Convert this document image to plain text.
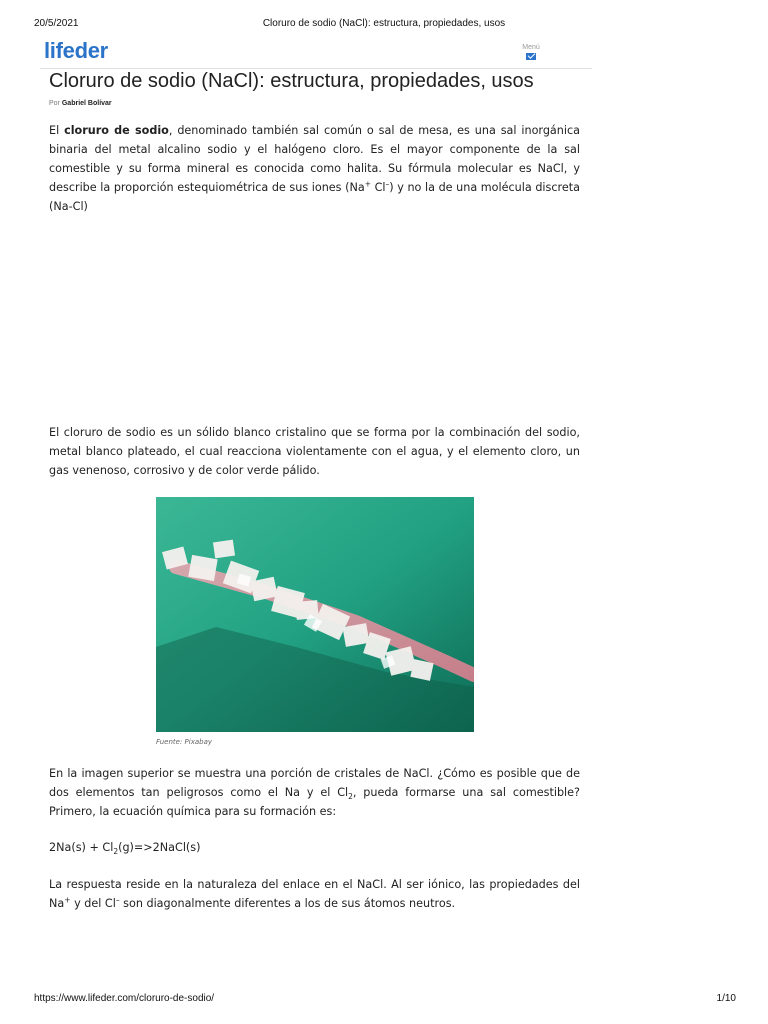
20/5/2021	Cloruro de sodio (NaCl): estructura, propiedades, usos
lifeder	Menú
Cloruro de sodio (NaCl): estructura, propiedades, usos
Por Gabriel Bolívar

El cloruro de sodio, denominado también sal común o sal de mesa, es una sal inorgánica binaria del metal alcalino sodio y el halógeno cloro. Es el mayor componente de la sal comestible y su forma mineral es conocida como halita. Su fórmula molecular es NaCl, y describe la proporción estequiométrica de sus iones (Na+ Cl–) y no la de una molécula discreta (Na-Cl)

El cloruro de sodio es un sólido blanco cristalino que se forma por la combinación del sodio, metal blanco plateado, el cual reacciona violentamente con el agua, y el elemento cloro, un gas venenoso, corrosivo y de color verde pálido.

Fuente: Pixabay

En la imagen superior se muestra una porción de cristales de NaCl. ¿Cómo es posible que de dos elementos tan peligrosos como el Na y el $Cl_2$, pueda formarse una sal comestible? Primero, la ecuación química para su formación es:

$2Na(s) + Cl_2(g)=>2NaCl(s)$

La respuesta reside en la naturaleza del enlace en el NaCl. Al ser iónico, las propiedades del Na+ y del Cl– son diagonalmente diferentes a los de sus átomos neutros.

https://www.lifeder.com/cloruro-de-sodio/	1/10
